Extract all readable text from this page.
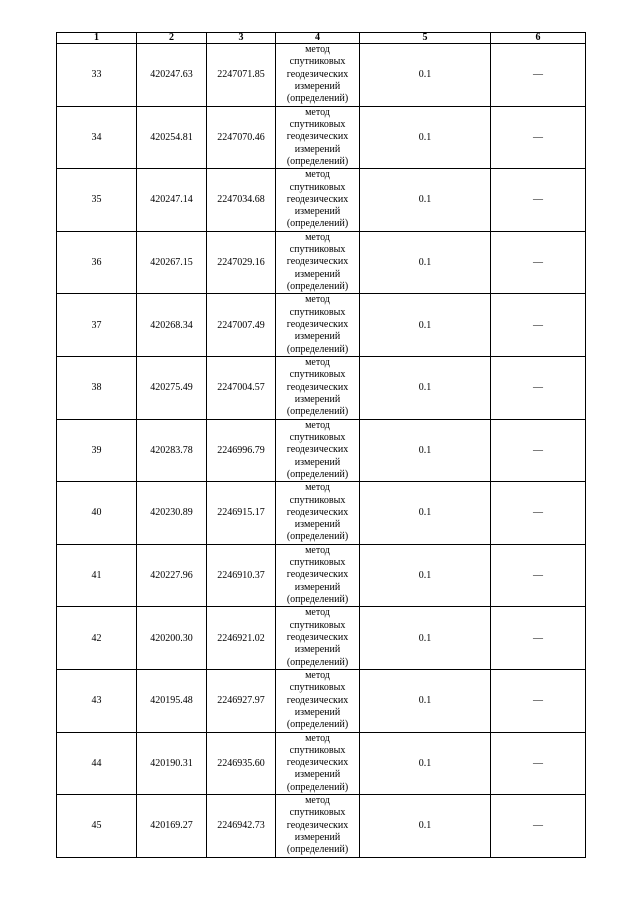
1	2	3	4	5	6
33	420247.63	2247071.85	метод
спутниковых
геодезических
измерений
(определений)	0.1	—
34	420254.81	2247070.46	метод
спутниковых
геодезических
измерений
(определений)	0.1	—
35	420247.14	2247034.68	метод
спутниковых
геодезических
измерений
(определений)	0.1	—
36	420267.15	2247029.16	метод
спутниковых
геодезических
измерений
(определений)	0.1	—
37	420268.34	2247007.49	метод
спутниковых
геодезических
измерений
(определений)	0.1	—
38	420275.49	2247004.57	метод
спутниковых
геодезических
измерений
(определений)	0.1	—
39	420283.78	2246996.79	метод
спутниковых
геодезических
измерений
(определений)	0.1	—
40	420230.89	2246915.17	метод
спутниковых
геодезических
измерений
(определений)	0.1	—
41	420227.96	2246910.37	метод
спутниковых
геодезических
измерений
(определений)	0.1	—
42	420200.30	2246921.02	метод
спутниковых
геодезических
измерений
(определений)	0.1	—
43	420195.48	2246927.97	метод
спутниковых
геодезических
измерений
(определений)	0.1	—
44	420190.31	2246935.60	метод
спутниковых
геодезических
измерений
(определений)	0.1	—
45	420169.27	2246942.73	метод
спутниковых
геодезических
измерений
(определений)	0.1	—
